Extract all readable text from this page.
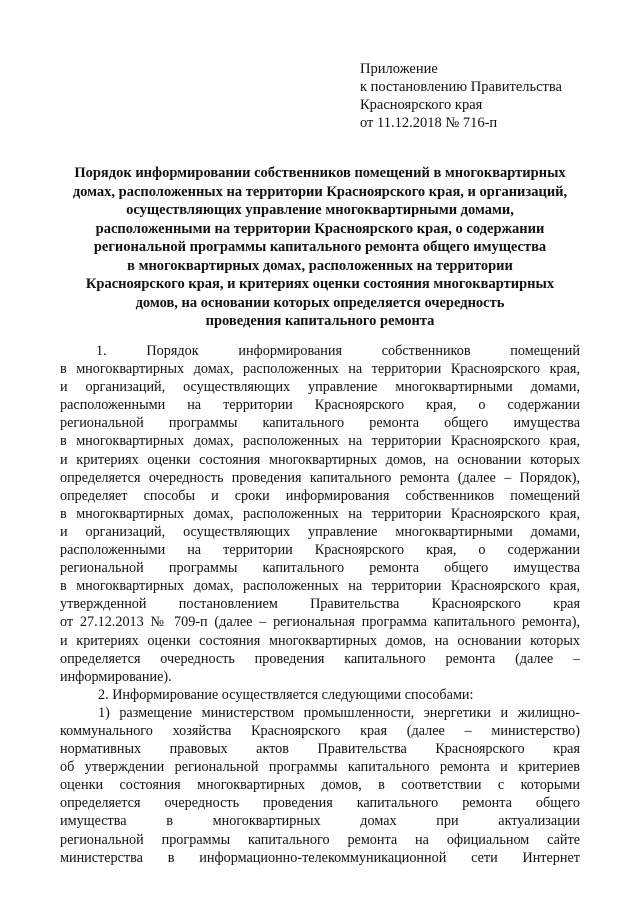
Приложение
к постановлению Правительства
Красноярского края
от 11.12.2018 № 716-п
Порядок информировании собственников помещений в многоквартирных
домах, расположенных на территории Красноярского края, и организаций,
осуществляющих управление многоквартирными домами,
расположенными на территории Красноярского края, о содержании
региональной программы капитального ремонта общего имущества
в многоквартирных домах, расположенных на территории
Красноярского края, и критериях оценки состояния многоквартирных
домов, на основании которых определяется очередность
проведения капитального ремонта
1. Порядок информирования собственников помещений
в многоквартирных домах, расположенных на территории Красноярского края,
и организаций, осуществляющих управление многоквартирными домами,
расположенными на территории Красноярского края, о содержании
региональной программы капитального ремонта общего имущества
в многоквартирных домах, расположенных на территории Красноярского края,
и критериях оценки состояния многоквартирных домов, на основании которых
определяется очередность проведения капитального ремонта (далее – Порядок),
определяет способы и сроки информирования собственников помещений
в многоквартирных домах, расположенных на территории Красноярского края,
и организаций, осуществляющих управление многоквартирными домами,
расположенными на территории Красноярского края, о содержании
региональной программы капитального ремонта общего имущества
в многоквартирных домах, расположенных на территории Красноярского края,
утвержденной постановлением Правительства Красноярского края
от 27.12.2013 № 709-п (далее – региональная программа капитального ремонта),
и критериях оценки состояния многоквартирных домов, на основании которых
определяется очередность проведения капитального ремонта (далее –
информирование).
2. Информирование осуществляется следующими способами:
1) размещение министерством промышленности, энергетики и жилищно-
коммунального хозяйства Красноярского края (далее – министерство)
нормативных правовых актов Правительства Красноярского края
об утверждении региональной программы капитального ремонта и критериев
оценки состояния многоквартирных домов, в соответствии с которыми
определяется очередность проведения капитального ремонта общего
имущества в многоквартирных домах при актуализации
региональной программы капитального ремонта на официальном сайте
министерства в информационно-телекоммуникационной сети Интернет
